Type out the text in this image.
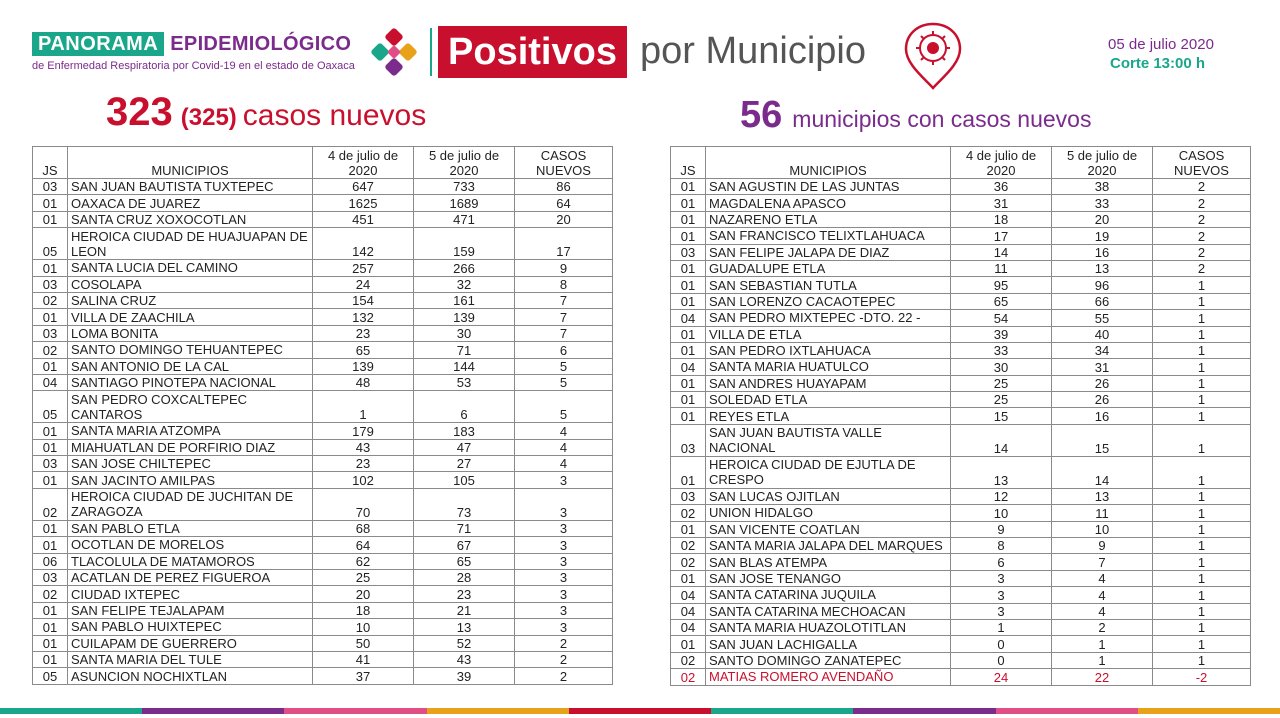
PANORAMA EPIDEMIOLÓGICO
de Enfermedad Respiratoria por Covid-19 en el estado de Oaxaca Positivos por Municipio	05 de julio 2020
Corte 13:00 h
323 (325) casos nuevos	56 municipios con casos nuevos
JS	MUNICIPIOS	4 de julio de 2020	5 de julio de 2020	CASOS NUEVOS
03	SAN JUAN BAUTISTA TUXTEPEC	647	733	86
01	OAXACA DE JUAREZ	1625	1689	64
01	SANTA CRUZ XOXOCOTLAN	451	471	20
05	HEROICA CIUDAD DE HUAJUAPAN DE LEON	142	159	17
01	SANTA LUCIA DEL CAMINO	257	266	9
03	COSOLAPA	24	32	8
02	SALINA CRUZ	154	161	7
01	VILLA DE ZAACHILA	132	139	7
03	LOMA BONITA	23	30	7
02	SANTO DOMINGO TEHUANTEPEC	65	71	6
01	SAN ANTONIO DE LA CAL	139	144	5
04	SANTIAGO PINOTEPA NACIONAL	48	53	5
05	SAN PEDRO COXCALTEPEC CANTAROS	1	6	5
01	SANTA MARIA ATZOMPA	179	183	4
01	MIAHUATLAN DE PORFIRIO DIAZ	43	47	4
03	SAN JOSE CHILTEPEC	23	27	4
01	SAN JACINTO AMILPAS	102	105	3
02	HEROICA CIUDAD DE JUCHITAN DE ZARAGOZA	70	73	3
01	SAN PABLO ETLA	68	71	3
01	OCOTLAN DE MORELOS	64	67	3
06	TLACOLULA DE MATAMOROS	62	65	3
03	ACATLAN DE PEREZ FIGUEROA	25	28	3
02	CIUDAD IXTEPEC	20	23	3
01	SAN FELIPE TEJALAPAM	18	21	3
01	SAN PABLO HUIXTEPEC	10	13	3
01	CUILAPAM DE GUERRERO	50	52	2
01	SANTA MARIA DEL TULE	41	43	2
05	ASUNCION NOCHIXTLAN	37	39	2
JS	MUNICIPIOS	4 de julio de 2020	5 de julio de 2020	CASOS NUEVOS
01	SAN AGUSTIN DE LAS JUNTAS	36	38	2
01	MAGDALENA APASCO	31	33	2
01	NAZARENO ETLA	18	20	2
01	SAN FRANCISCO TELIXTLAHUACA	17	19	2
03	SAN FELIPE JALAPA DE DIAZ	14	16	2
01	GUADALUPE ETLA	11	13	2
01	SAN SEBASTIAN TUTLA	95	96	1
01	SAN LORENZO CACAOTEPEC	65	66	1
04	SAN PEDRO MIXTEPEC -DTO. 22 -	54	55	1
01	VILLA DE ETLA	39	40	1
01	SAN PEDRO IXTLAHUACA	33	34	1
04	SANTA MARIA HUATULCO	30	31	1
01	SAN ANDRES HUAYAPAM	25	26	1
01	SOLEDAD ETLA	25	26	1
01	REYES ETLA	15	16	1
03	SAN JUAN BAUTISTA VALLE NACIONAL	14	15	1
01	HEROICA CIUDAD DE EJUTLA DE CRESPO	13	14	1
03	SAN LUCAS OJITLAN	12	13	1
02	UNION HIDALGO	10	11	1
01	SAN VICENTE COATLAN	9	10	1
02	SANTA MARIA JALAPA DEL MARQUES	8	9	1
02	SAN BLAS ATEMPA	6	7	1
01	SAN JOSE TENANGO	3	4	1
04	SANTA CATARINA JUQUILA	3	4	1
04	SANTA CATARINA MECHOACAN	3	4	1
04	SANTA MARIA HUAZOLOTITLAN	1	2	1
01	SAN JUAN LACHIGALLA	0	1	1
02	SANTO DOMINGO ZANATEPEC	0	1	1
02	MATIAS ROMERO AVENDAÑO	24	22	-2
